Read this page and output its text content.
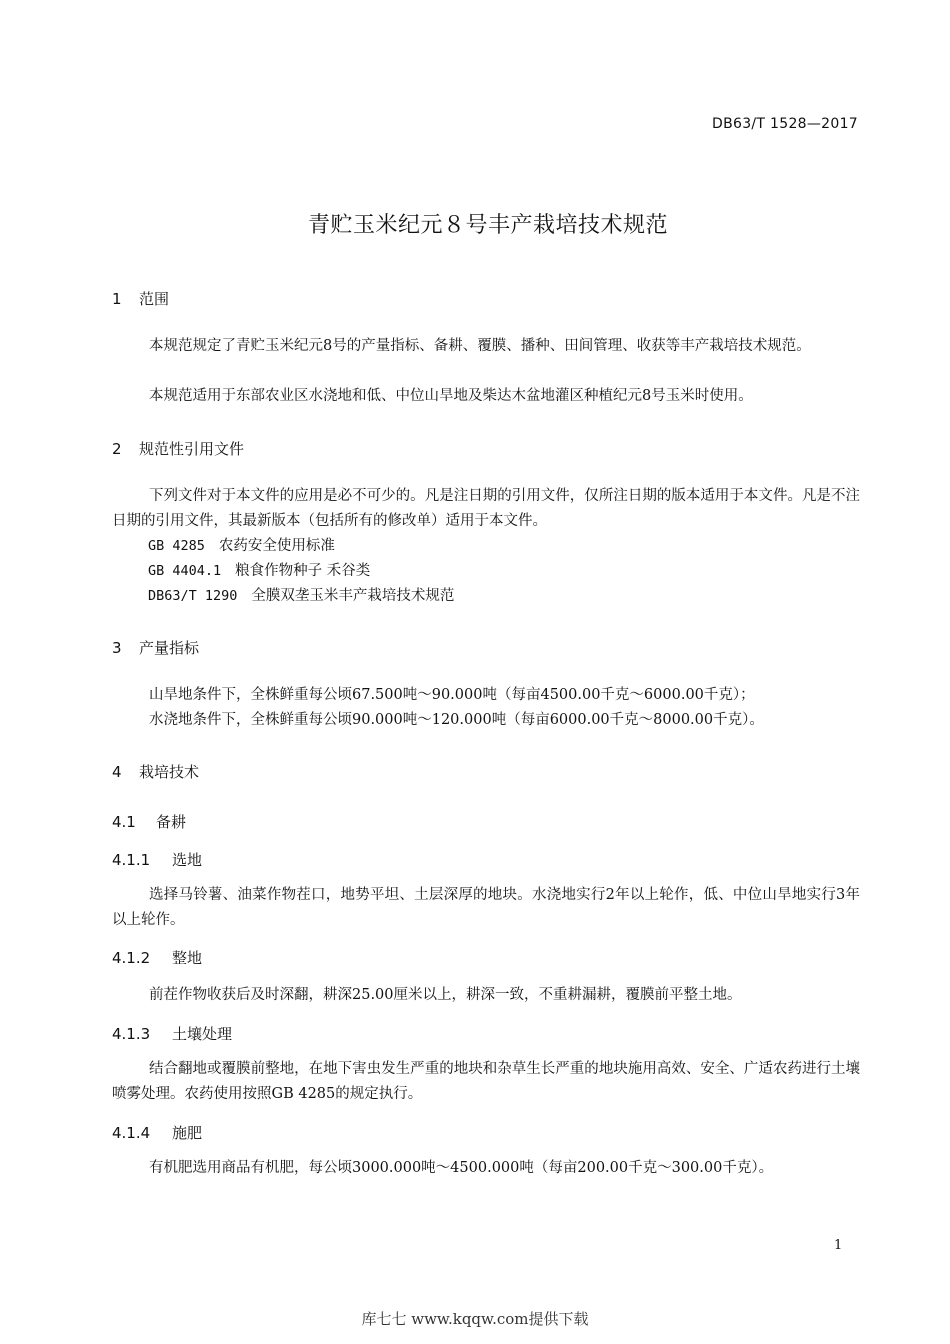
DB63/T 1528—2017
青贮玉米纪元８号丰产栽培技术规范
1 范围
本规范规定了青贮玉米纪元8号的产量指标、备耕、覆膜、播种、田间管理、收获等丰产栽培技术规范。
本规范适用于东部农业区水浇地和低、中位山旱地及柴达木盆地灌区种植纪元8号玉米时使用。
2 规范性引用文件
下列文件对于本文件的应用是必不可少的。凡是注日期的引用文件，仅所注日期的版本适用于本文件。凡是不注日期的引用文件，其最新版本（包括所有的修改单）适用于本文件。
GB 4285 农药安全使用标准
GB 4404.1 粮食作物种子 禾谷类
DB63/T 1290 全膜双垄玉米丰产栽培技术规范
3 产量指标
山旱地条件下，全株鲜重每公顷67.500吨～90.000吨（每亩4500.00千克～6000.00千克）；
水浇地条件下，全株鲜重每公顷90.000吨～120.000吨（每亩6000.00千克～8000.00千克）。
4 栽培技术
4.1 备耕
4.1.1 选地
选择马铃薯、油菜作物茬口，地势平坦、土层深厚的地块。水浇地实行2年以上轮作，低、中位山旱地实行3年以上轮作。
4.1.2 整地
前茬作物收获后及时深翻，耕深25.00厘米以上，耕深一致，不重耕漏耕，覆膜前平整土地。
4.1.3 土壤处理
结合翻地或覆膜前整地，在地下害虫发生严重的地块和杂草生长严重的地块施用高效、安全、广适农药进行土壤喷雾处理。农药使用按照GB 4285的规定执行。
4.1.4 施肥
有机肥选用商品有机肥，每公顷3000.000吨～4500.000吨（每亩200.00千克～300.00千克）。
1
库七七 www.kqqw.com提供下载
